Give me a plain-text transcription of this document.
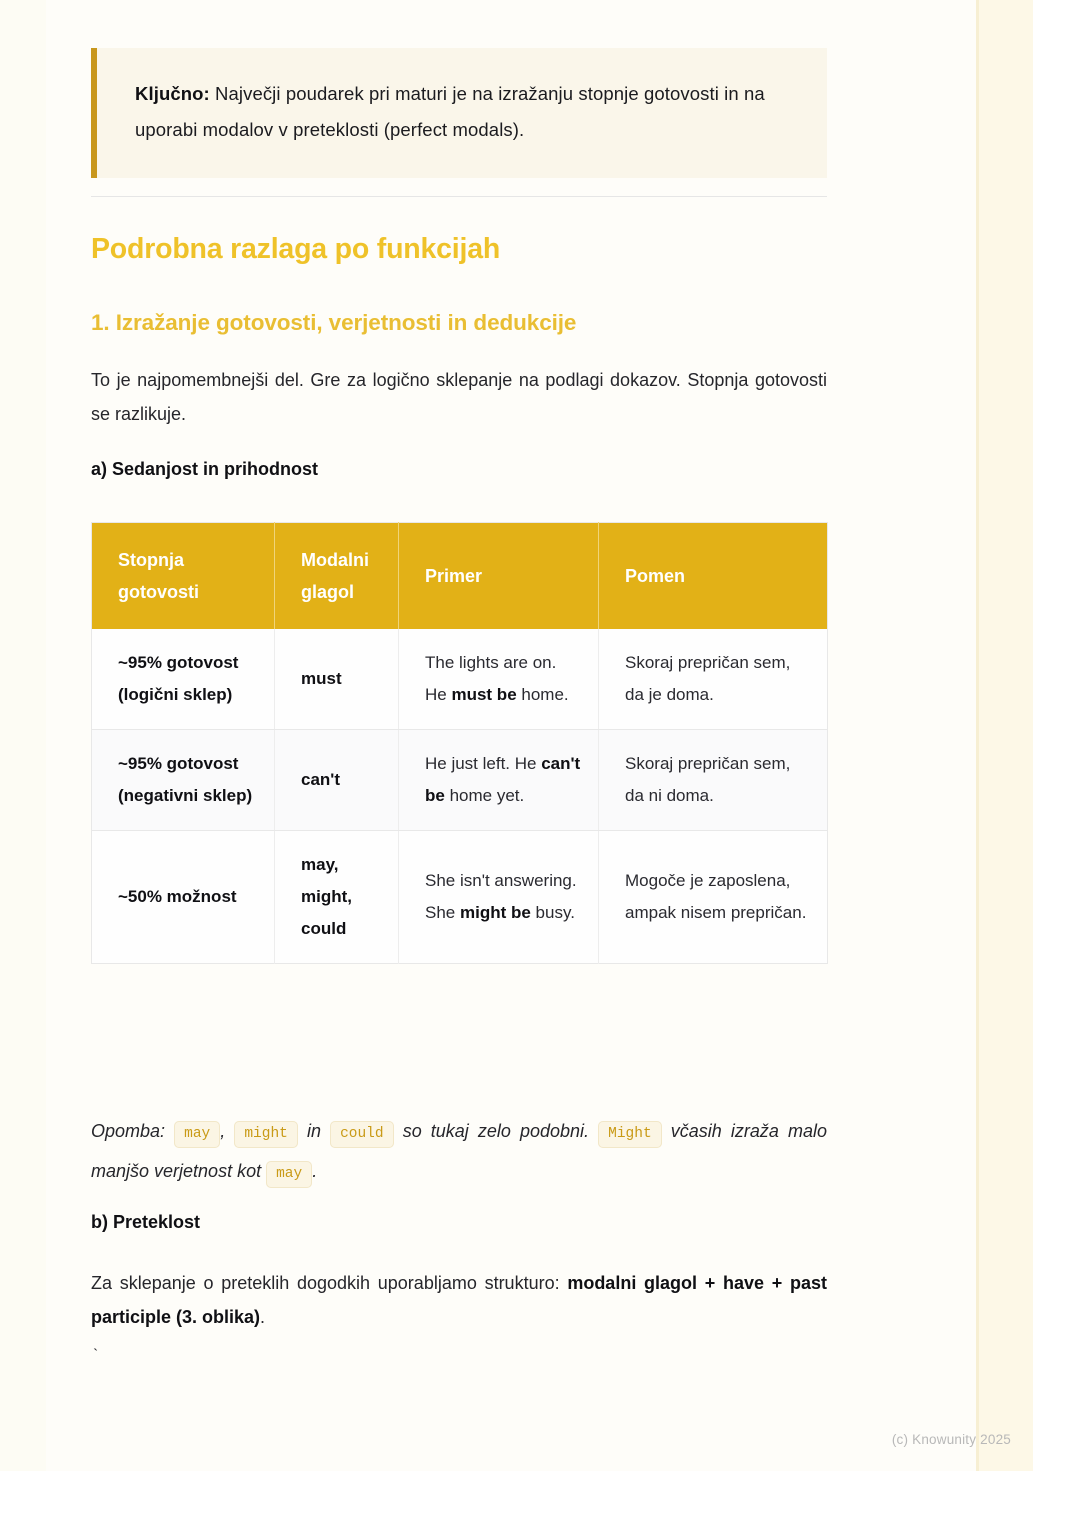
Ključno: Največji poudarek pri maturi je na izražanju stopnje gotovosti in na uporabi modalov v preteklosti (perfect modals).
Podrobna razlaga po funkcijah
1. Izražanje gotovosti, verjetnosti in dedukcije
To je najpomembnejši del. Gre za logično sklepanje na podlagi dokazov. Stopnja gotovosti se razlikuje.
a) Sedanjost in prihodnost
Stopnja gotovosti	Modalni glagol	Primer	Pomen
~95% gotovost (logični sklep)	must	The lights are on. He must be home.	Skoraj prepričan sem, da je doma.
~95% gotovost (negativni sklep)	can't	He just left. He can't be home yet.	Skoraj prepričan sem, da ni doma.
~50% možnost	may, might, could	She isn't answering. She might be busy.	Mogoče je zaposlena, ampak nisem prepričan.
Opomba: may , might in could so tukaj zelo podobni. Might včasih izraža malo manjšo verjetnost kot may .
b) Preteklost
Za sklepanje o preteklih dogodkih uporabljamo strukturo: modalni glagol + have + past participle (3. oblika).
`
(c) Knowunity 2025
